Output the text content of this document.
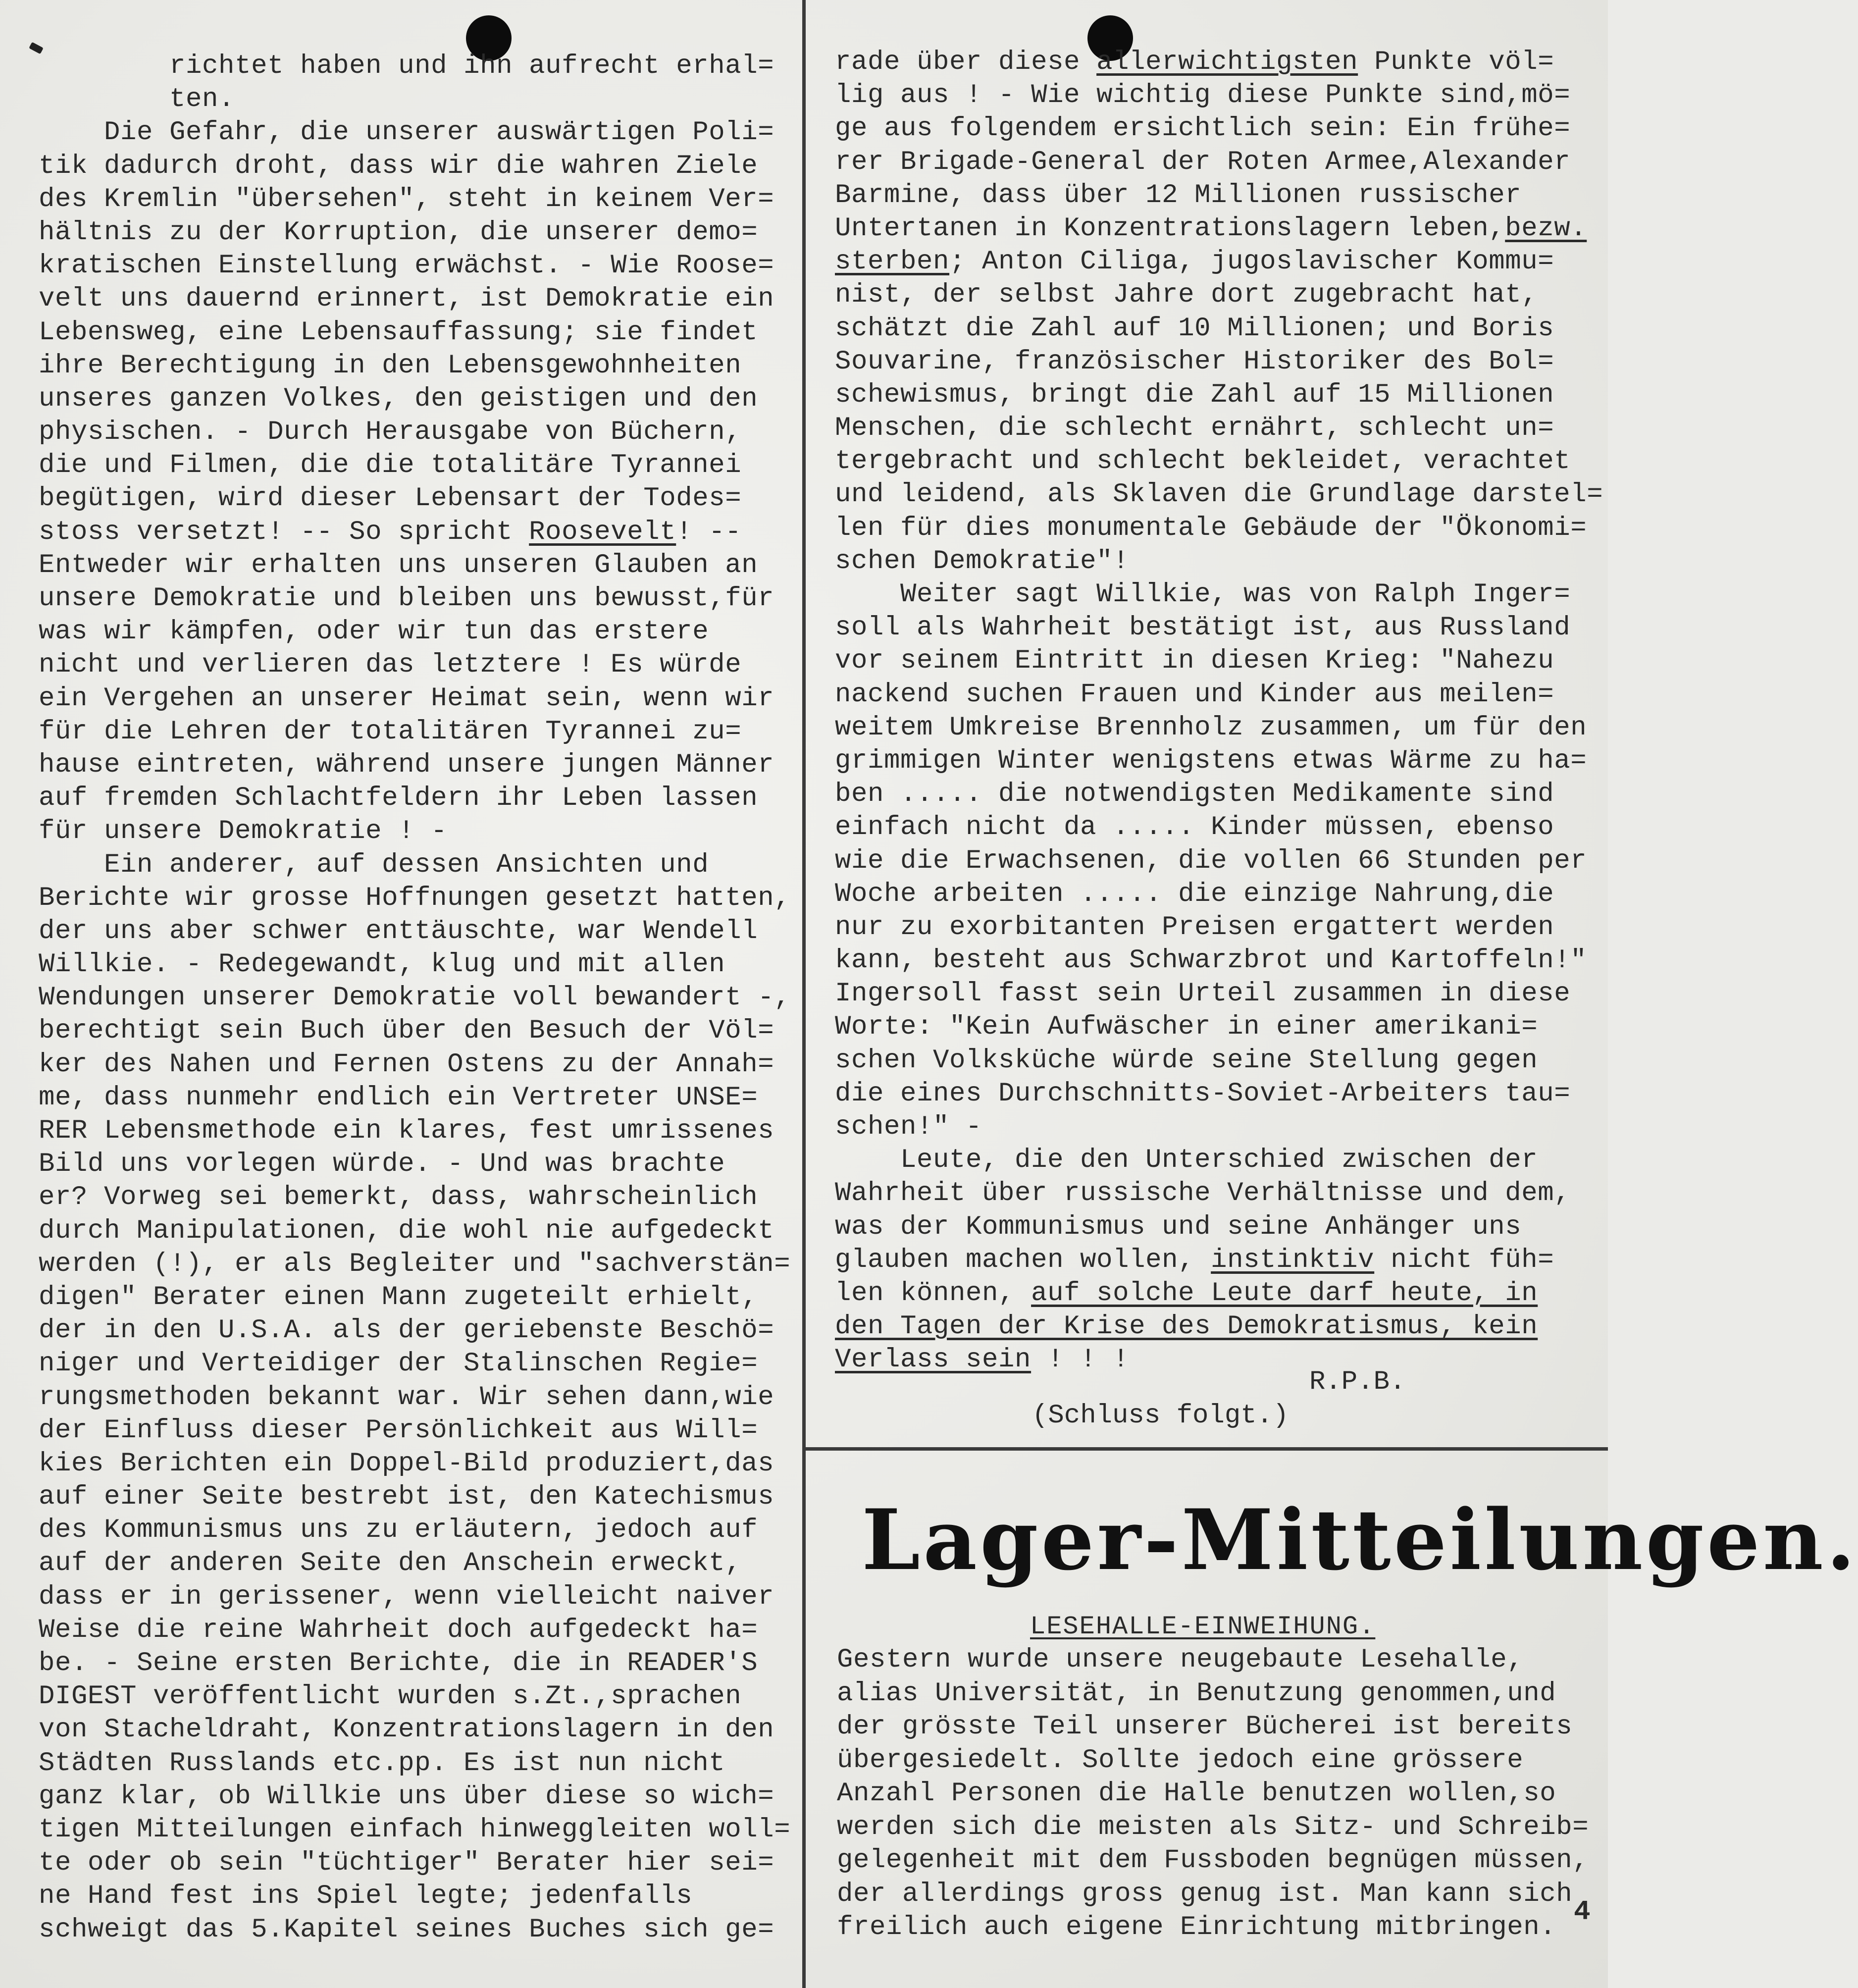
richtet haben und ihn aufrecht erhal=
ten.
Die Gefahr, die unserer auswärtigen Poli=
tik dadurch droht, dass wir die wahren Ziele
des Kremlin "übersehen", steht in keinem Ver=
hältnis zu der Korruption, die unserer demo=
kratischen Einstellung erwächst. - Wie Roose=
velt uns dauernd erinnert, ist Demokratie ein
Lebensweg, eine Lebensauffassung; sie findet
ihre Berechtigung in den Lebensgewohnheiten
unseres ganzen Volkes, den geistigen und den
physischen. - Durch Herausgabe von Büchern,
die und Filmen, die die totalitäre Tyrannei
begütigen, wird dieser Lebensart der Todes=
stoss versetzt! -- So spricht Roosevelt! --
Entweder wir erhalten uns unseren Glauben an
unsere Demokratie und bleiben uns bewusst,für
was wir kämpfen, oder wir tun das erstere
nicht und verlieren das letztere ! Es würde
ein Vergehen an unserer Heimat sein, wenn wir
für die Lehren der totalitären Tyrannei zu=
hause eintreten, während unsere jungen Männer
auf fremden Schlachtfeldern ihr Leben lassen
für unsere Demokratie ! -
Ein anderer, auf dessen Ansichten und
Berichte wir grosse Hoffnungen gesetzt hatten,
der uns aber schwer enttäuschte, war Wendell
Willkie. - Redegewandt, klug und mit allen
Wendungen unserer Demokratie voll bewandert -,
berechtigt sein Buch über den Besuch der Völ=
ker des Nahen und Fernen Ostens zu der Annah=
me, dass nunmehr endlich ein Vertreter UNSE=
RER Lebensmethode ein klares, fest umrissenes
Bild uns vorlegen würde. - Und was brachte
er? Vorweg sei bemerkt, dass, wahrscheinlich
durch Manipulationen, die wohl nie aufgedeckt
werden (!), er als Begleiter und "sachverstän=
digen" Berater einen Mann zugeteilt erhielt,
der in den U.S.A. als der geriebenste Beschö=
niger und Verteidiger der Stalinschen Regie=
rungsmethoden bekannt war. Wir sehen dann,wie
der Einfluss dieser Persönlichkeit aus Will=
kies Berichten ein Doppel-Bild produziert,das
auf einer Seite bestrebt ist, den Katechismus
des Kommunismus uns zu erläutern, jedoch auf
auf der anderen Seite den Anschein erweckt,
dass er in gerissener, wenn vielleicht naiver
Weise die reine Wahrheit doch aufgedeckt ha=
be. - Seine ersten Berichte, die in READER'S
DIGEST veröffentlicht wurden s.Zt.,sprachen
von Stacheldraht, Konzentrationslagern in den
Städten Russlands etc.pp. Es ist nun nicht
ganz klar, ob Willkie uns über diese so wich=
tigen Mitteilungen einfach hinweggleiten woll=
te oder ob sein "tüchtiger" Berater hier sei=
ne Hand fest ins Spiel legte; jedenfalls
schweigt das 5.Kapitel seines Buches sich ge=
rade über diese allerwichtigsten Punkte völ=
lig aus ! - Wie wichtig diese Punkte sind,mö=
ge aus folgendem ersichtlich sein: Ein frühe=
rer Brigade-General der Roten Armee,Alexander
Barmine, dass über 12 Millionen russischer
Untertanen in Konzentrationslagern leben,bezw.
sterben; Anton Ciliga, jugoslavischer Kommu=
nist, der selbst Jahre dort zugebracht hat,
schätzt die Zahl auf 10 Millionen; und Boris
Souvarine, französischer Historiker des Bol=
schewismus, bringt die Zahl auf 15 Millionen
Menschen, die schlecht ernährt, schlecht un=
tergebracht und schlecht bekleidet, verachtet
und leidend, als Sklaven die Grundlage darstel=
len für dies monumentale Gebäude der "Ökonomi=
schen Demokratie"!
Weiter sagt Willkie, was von Ralph Inger=
soll als Wahrheit bestätigt ist, aus Russland
vor seinem Eintritt in diesen Krieg: "Nahezu
nackend suchen Frauen und Kinder aus meilen=
weitem Umkreise Brennholz zusammen, um für den
grimmigen Winter wenigstens etwas Wärme zu ha=
ben ..... die notwendigsten Medikamente sind
einfach nicht da ..... Kinder müssen, ebenso
wie die Erwachsenen, die vollen 66 Stunden per
Woche arbeiten ..... die einzige Nahrung,die
nur zu exorbitanten Preisen ergattert werden
kann, besteht aus Schwarzbrot und Kartoffeln!"
Ingersoll fasst sein Urteil zusammen in diese
Worte: "Kein Aufwäscher in einer amerikani=
schen Volksküche würde seine Stellung gegen
die eines Durchschnitts-Soviet-Arbeiters tau=
schen!" -
Leute, die den Unterschied zwischen der
Wahrheit über russische Verhältnisse und dem,
was der Kommunismus und seine Anhänger uns
glauben machen wollen, instinktiv nicht füh=
len können, auf solche Leute darf heute, in
den Tagen der Krise des Demokratismus, kein
Verlass sein ! ! !
R.P.B.
(Schluss folgt.)
Lager-Mitteilungen.
LESEHALLE-EINWEIHUNG.
Gestern wurde unsere neugebaute Lesehalle,
alias Universität, in Benutzung genommen,und
der grösste Teil unserer Bücherei ist bereits
übergesiedelt. Sollte jedoch eine grössere
Anzahl Personen die Halle benutzen wollen,so
werden sich die meisten als Sitz- und Schreib=
gelegenheit mit dem Fussboden begnügen müssen,
der allerdings gross genug ist. Man kann sich
freilich auch eigene Einrichtung mitbringen. 4
